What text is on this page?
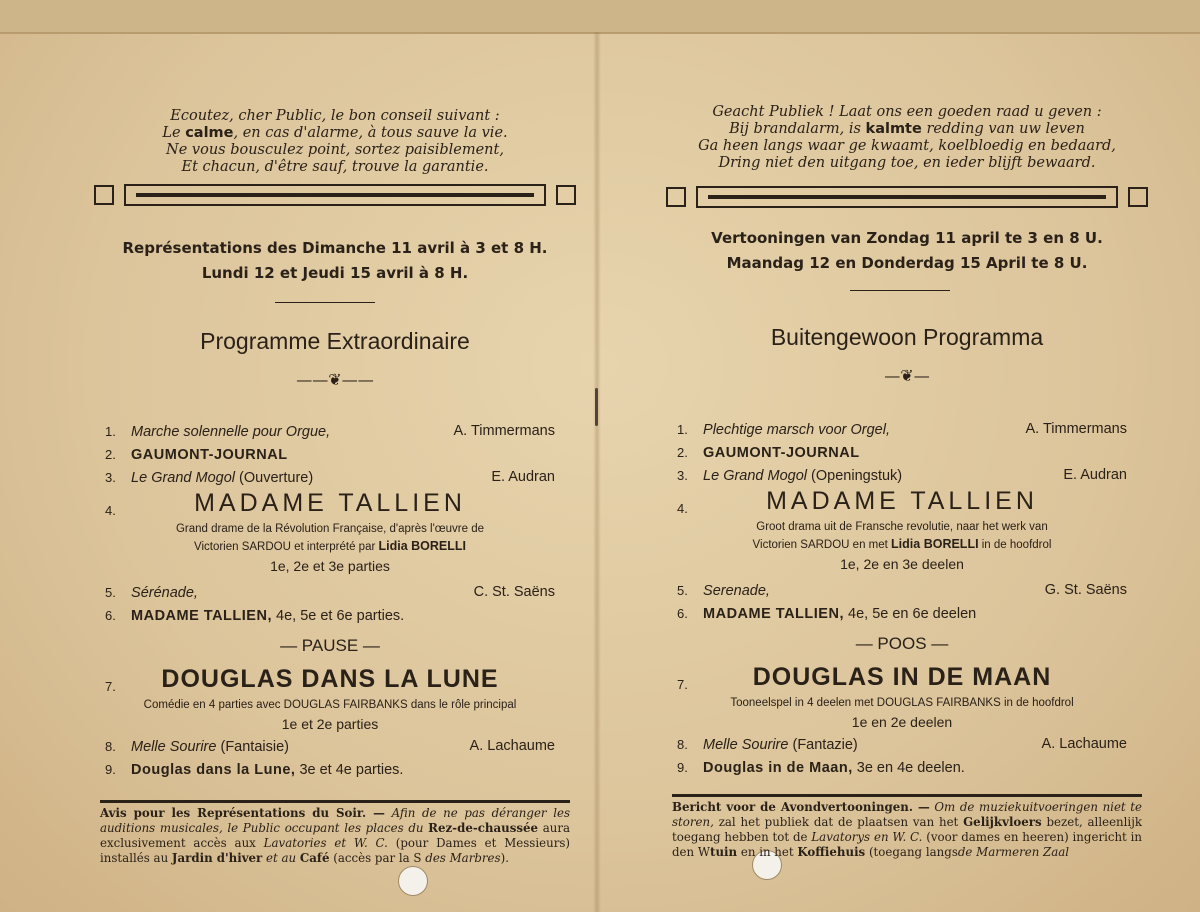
Ecoutez, cher Public, le bon conseil suivant :
Le calme, en cas d'alarme, à tous sauve la vie.
Ne vous bousculez point, sortez paisiblement,
Et chacun, d'être sauf, trouve la garantie.
Représentations des Dimanche 11 avril à 3 et 8 H.
Lundi 12 et Jeudi 15 avril à 8 H.
Programme Extraordinaire
——❦——
1. Marche solennelle pour Orgue,	A. Timmermans
2. GAUMONT-JOURNAL
3. Le Grand Mogol (Ouverture)	E. Audran
4.	MADAME TALLIEN
Grand drame de la Révolution Française, d'après l'œuvre de
Victorien SARDOU et interprété par Lidia BORELLI
1e, 2e et 3e parties
5. Sérénade,	C. St. Saëns
6. MADAME TALLIEN, 4e, 5e et 6e parties.
— PAUSE —
7.	DOUGLAS DANS LA LUNE
Comédie en 4 parties avec DOUGLAS FAIRBANKS dans le rôle principal
1e et 2e parties
8. Melle Sourire (Fantaisie)	A. Lachaume
9. Douglas dans la Lune, 3e et 4e parties.
Avis pour les Représentations du Soir. — Afin de ne pas déranger les auditions musicales, le Public occupant les places du Rez-de-chaussée aura exclusivement accès aux Lavatories et W. C. (pour Dames et Messieurs) installés au Jardin d'hiver et au Café (accès par la S des Marbres).
Geacht Publiek ! Laat ons een goeden raad u geven :
Bij brandalarm, is kalmte redding van uw leven
Ga heen langs waar ge kwaamt, koelbloedig en bedaard,
Dring niet den uitgang toe, en ieder blijft bewaard.
Vertooningen van Zondag 11 april te 3 en 8 U.
Maandag 12 en Donderdag 15 April te 8 U.
Buitengewoon Programma
—❦—
1. Plechtige marsch voor Orgel,	A. Timmermans
2. GAUMONT-JOURNAL
3. Le Grand Mogol (Openingstuk)	E. Audran
4.	MADAME TALLIEN
Groot drama uit de Fransche revolutie, naar het werk van
Victorien SARDOU en met Lidia BORELLI in de hoofdrol
1e, 2e en 3e deelen
5. Serenade,	G. St. Saëns
6. MADAME TALLIEN, 4e, 5e en 6e deelen
— POOS —
7.	DOUGLAS IN DE MAAN
Tooneelspel in 4 deelen met DOUGLAS FAIRBANKS in de hoofdrol
1e en 2e deelen
8. Melle Sourire (Fantazie)	A. Lachaume
9. Douglas in de Maan, 3e en 4e deelen.
Bericht voor de Avondvertooningen. — Om de muziekuitvoeringen niet te storen, zal het publiek dat de plaatsen van het Gelijkvloers bezet, alleenlijk toegang hebben tot de Lavatorys en W. C. (voor dames en heeren) ingericht in den Wtuin en in het Koffiehuis (toegang langsde Marmeren Zaal
